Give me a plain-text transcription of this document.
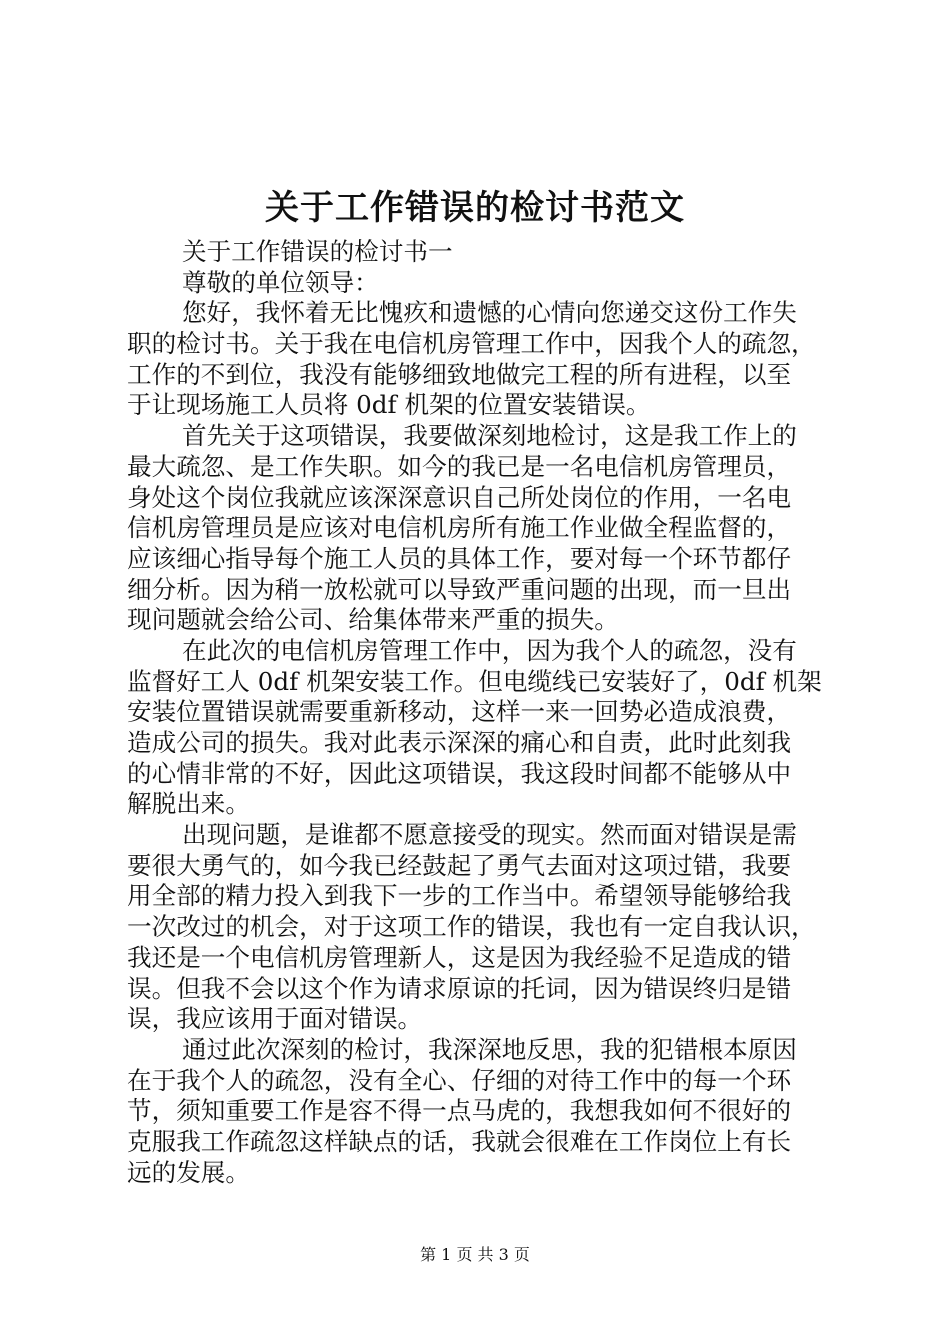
关于工作错误的检讨书范文
关于工作错误的检讨书一
尊敬的单位领导：
您好，我怀着无比愧疚和遗憾的心情向您递交这份工作失
职的检讨书。关于我在电信机房管理工作中，因我个人的疏忽，
工作的不到位，我没有能够细致地做完工程的所有进程，以至
于让现场施工人员将 0df 机架的位置安装错误。
首先关于这项错误，我要做深刻地检讨，这是我工作上的
最大疏忽、是工作失职。如今的我已是一名电信机房管理员，
身处这个岗位我就应该深深意识自己所处岗位的作用，一名电
信机房管理员是应该对电信机房所有施工作业做全程监督的，
应该细心指导每个施工人员的具体工作，要对每一个环节都仔
细分析。因为稍一放松就可以导致严重问题的出现，而一旦出
现问题就会给公司、给集体带来严重的损失。
在此次的电信机房管理工作中，因为我个人的疏忽，没有
监督好工人 0df 机架安装工作。但电缆线已安装好了，0df 机架
安装位置错误就需要重新移动，这样一来一回势必造成浪费，
造成公司的损失。我对此表示深深的痛心和自责，此时此刻我
的心情非常的不好，因此这项错误，我这段时间都不能够从中
解脱出来。
出现问题，是谁都不愿意接受的现实。然而面对错误是需
要很大勇气的，如今我已经鼓起了勇气去面对这项过错，我要
用全部的精力投入到我下一步的工作当中。希望领导能够给我
一次改过的机会，对于这项工作的错误，我也有一定自我认识，
我还是一个电信机房管理新人，这是因为我经验不足造成的错
误。但我不会以这个作为请求原谅的托词，因为错误终归是错
误，我应该用于面对错误。
通过此次深刻的检讨，我深深地反思，我的犯错根本原因
在于我个人的疏忽，没有全心、仔细的对待工作中的每一个环
节，须知重要工作是容不得一点马虎的，我想我如何不很好的
克服我工作疏忽这样缺点的话，我就会很难在工作岗位上有长
远的发展。
第 1 页 共 3 页
